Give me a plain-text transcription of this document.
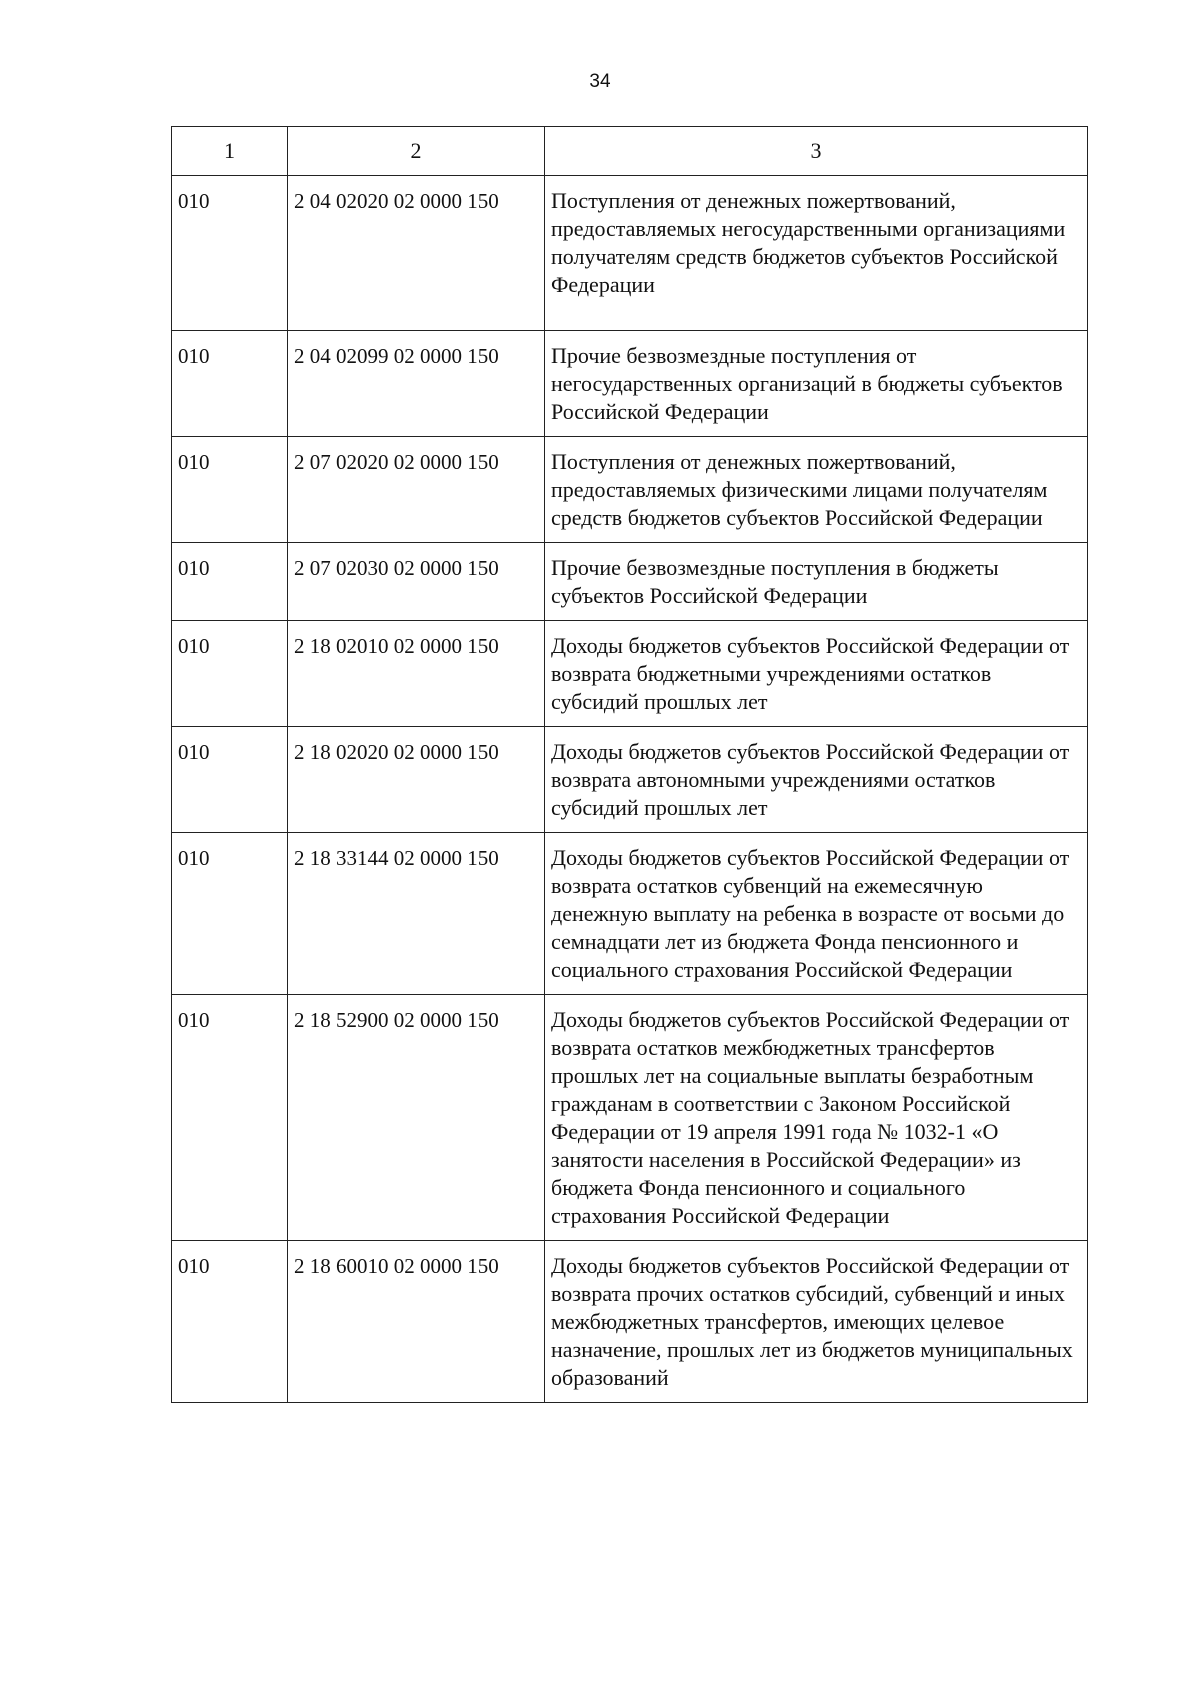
34
1	2	3
010	2 04 02020 02 0000 150	Поступления от денежных пожертвований, предоставляемых негосударственными организациями получателям средств бюджетов субъектов Российской Федерации
010	2 04 02099 02 0000 150	Прочие безвозмездные поступления от негосударственных организаций в бюджеты субъектов Российской Федерации
010	2 07 02020 02 0000 150	Поступления от денежных пожертвований, предоставляемых физическими лицами получателям средств бюджетов субъектов Российской Федерации
010	2 07 02030 02 0000 150	Прочие безвозмездные поступления в бюджеты субъектов Российской Федерации
010	2 18 02010 02 0000 150	Доходы бюджетов субъектов Российской Федерации от возврата бюджетными учреждениями остатков субсидий прошлых лет
010	2 18 02020 02 0000 150	Доходы бюджетов субъектов Российской Федерации от возврата автономными учреждениями остатков субсидий прошлых лет
010	2 18 33144 02 0000 150	Доходы бюджетов субъектов Российской Федерации от возврата остатков субвенций на ежемесячную денежную выплату на ребенка в возрасте от восьми до семнадцати лет из бюджета Фонда пенсионного и социального страхования Российской Федерации
010	2 18 52900 02 0000 150	Доходы бюджетов субъектов Российской Федерации от возврата остатков межбюджетных трансфертов прошлых лет на социальные выплаты безработным гражданам в соответствии с Законом Российской Федерации от 19 апреля 1991 года № 1032-1 «О занятости населения в Российской Федерации» из бюджета Фонда пенсионного и социального страхования Российской Федерации
010	2 18 60010 02 0000 150	Доходы бюджетов субъектов Российской Федерации от возврата прочих остатков субсидий, субвенций и иных межбюджетных трансфертов, имеющих целевое назначение, прошлых лет из бюджетов муниципальных образований
